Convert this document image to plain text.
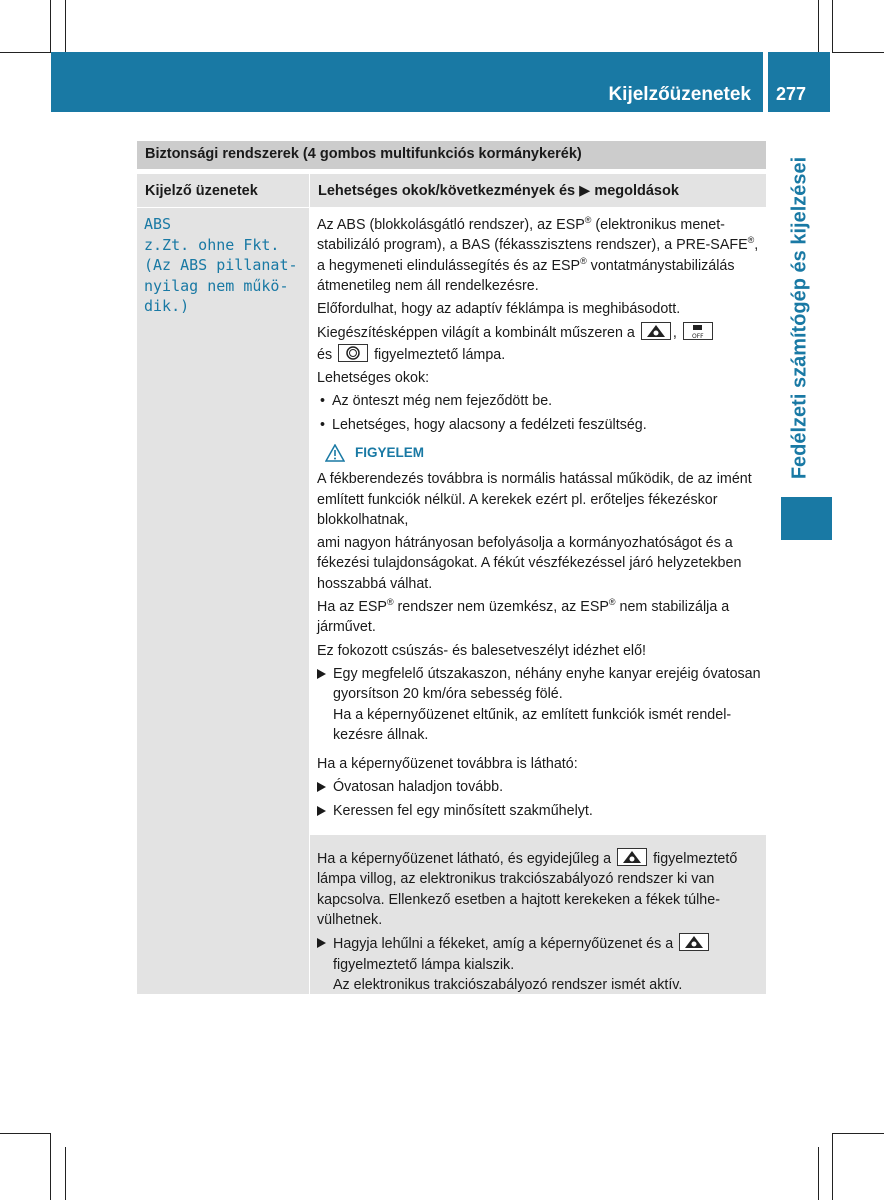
Kijelzőüzenetek 277
Fedélzeti számítógép és kijelzései
Biztonsági rendszerek (4 gombos multifunkciós kormánykerék)
Kijelző üzenetek	Lehetséges okok/következmények és ▶ megoldások
ABS
z.Zt. ohne Fkt.
(Az ABS pillanat-
nyilag nem műkö-
dik.)

Az ABS (blokkolásgátló rendszer), az ESP® (elektronikus menetstabilizáló program), a BAS (fékasszisztens rendszer), a PRE-SAFE®, a hegymeneti elindulássegítés és az ESP® vontatmánystabilizálás átmenetileg nem áll rendelkezésre.

Előfordulhat, hogy az adaptív féklámpa is meghibásodott.

Kiegészítésképpen világít a kombinált műszeren a	, OFF

és	figyelmeztető lámpa.

Lehetséges okok:

• Az önteszt még nem fejeződött be.
• Lehetséges, hogy alacsony a fedélzeti feszültség.
FIGYELEM

A fékberendezés továbbra is normális hatással működik, de az imént említett funkciók nélkül. A kerekek ezért pl. erőteljes fékezéskor blokkolhatnak,

ami nagyon hátrányosan befolyásolja a kormányozhatóságot és a fékezési tulajdonságokat. A fékút vészfékezéssel járó helyzetekben hosszabbá válhat.

Ha az ESP® rendszer nem üzemkész, az ESP® nem stabilizálja a járművet.

Ez fokozott csúszás- és balesetveszélyt idézhet elő!

Egy megfelelő útszakaszon, néhány enyhe kanyar erejéig óvatosan gyorsítson 20 km/óra sebesség fölé.
Ha a képernyőüzenet eltűnik, az említett funkciók ismét rendelkezésre állnak.

Ha a képernyőüzenet továbbra is látható:

Óvatosan haladjon tovább.
Keressen fel egy minősített szakműhelyt.

Ha a képernyőüzenet látható, és egyidejűleg a	figyelmeztető lámpa villog, az elektronikus trakciószabályozó rendszer ki van kapcsolva. Ellenkező esetben a hajtott kerekeken a fékek túlhevülhetnek.

Hagyja lehűlni a fékeket, amíg a képernyőüzenet és a
figyelmeztető lámpa kialszik.
Az elektronikus trakciószabályozó rendszer ismét aktív.
